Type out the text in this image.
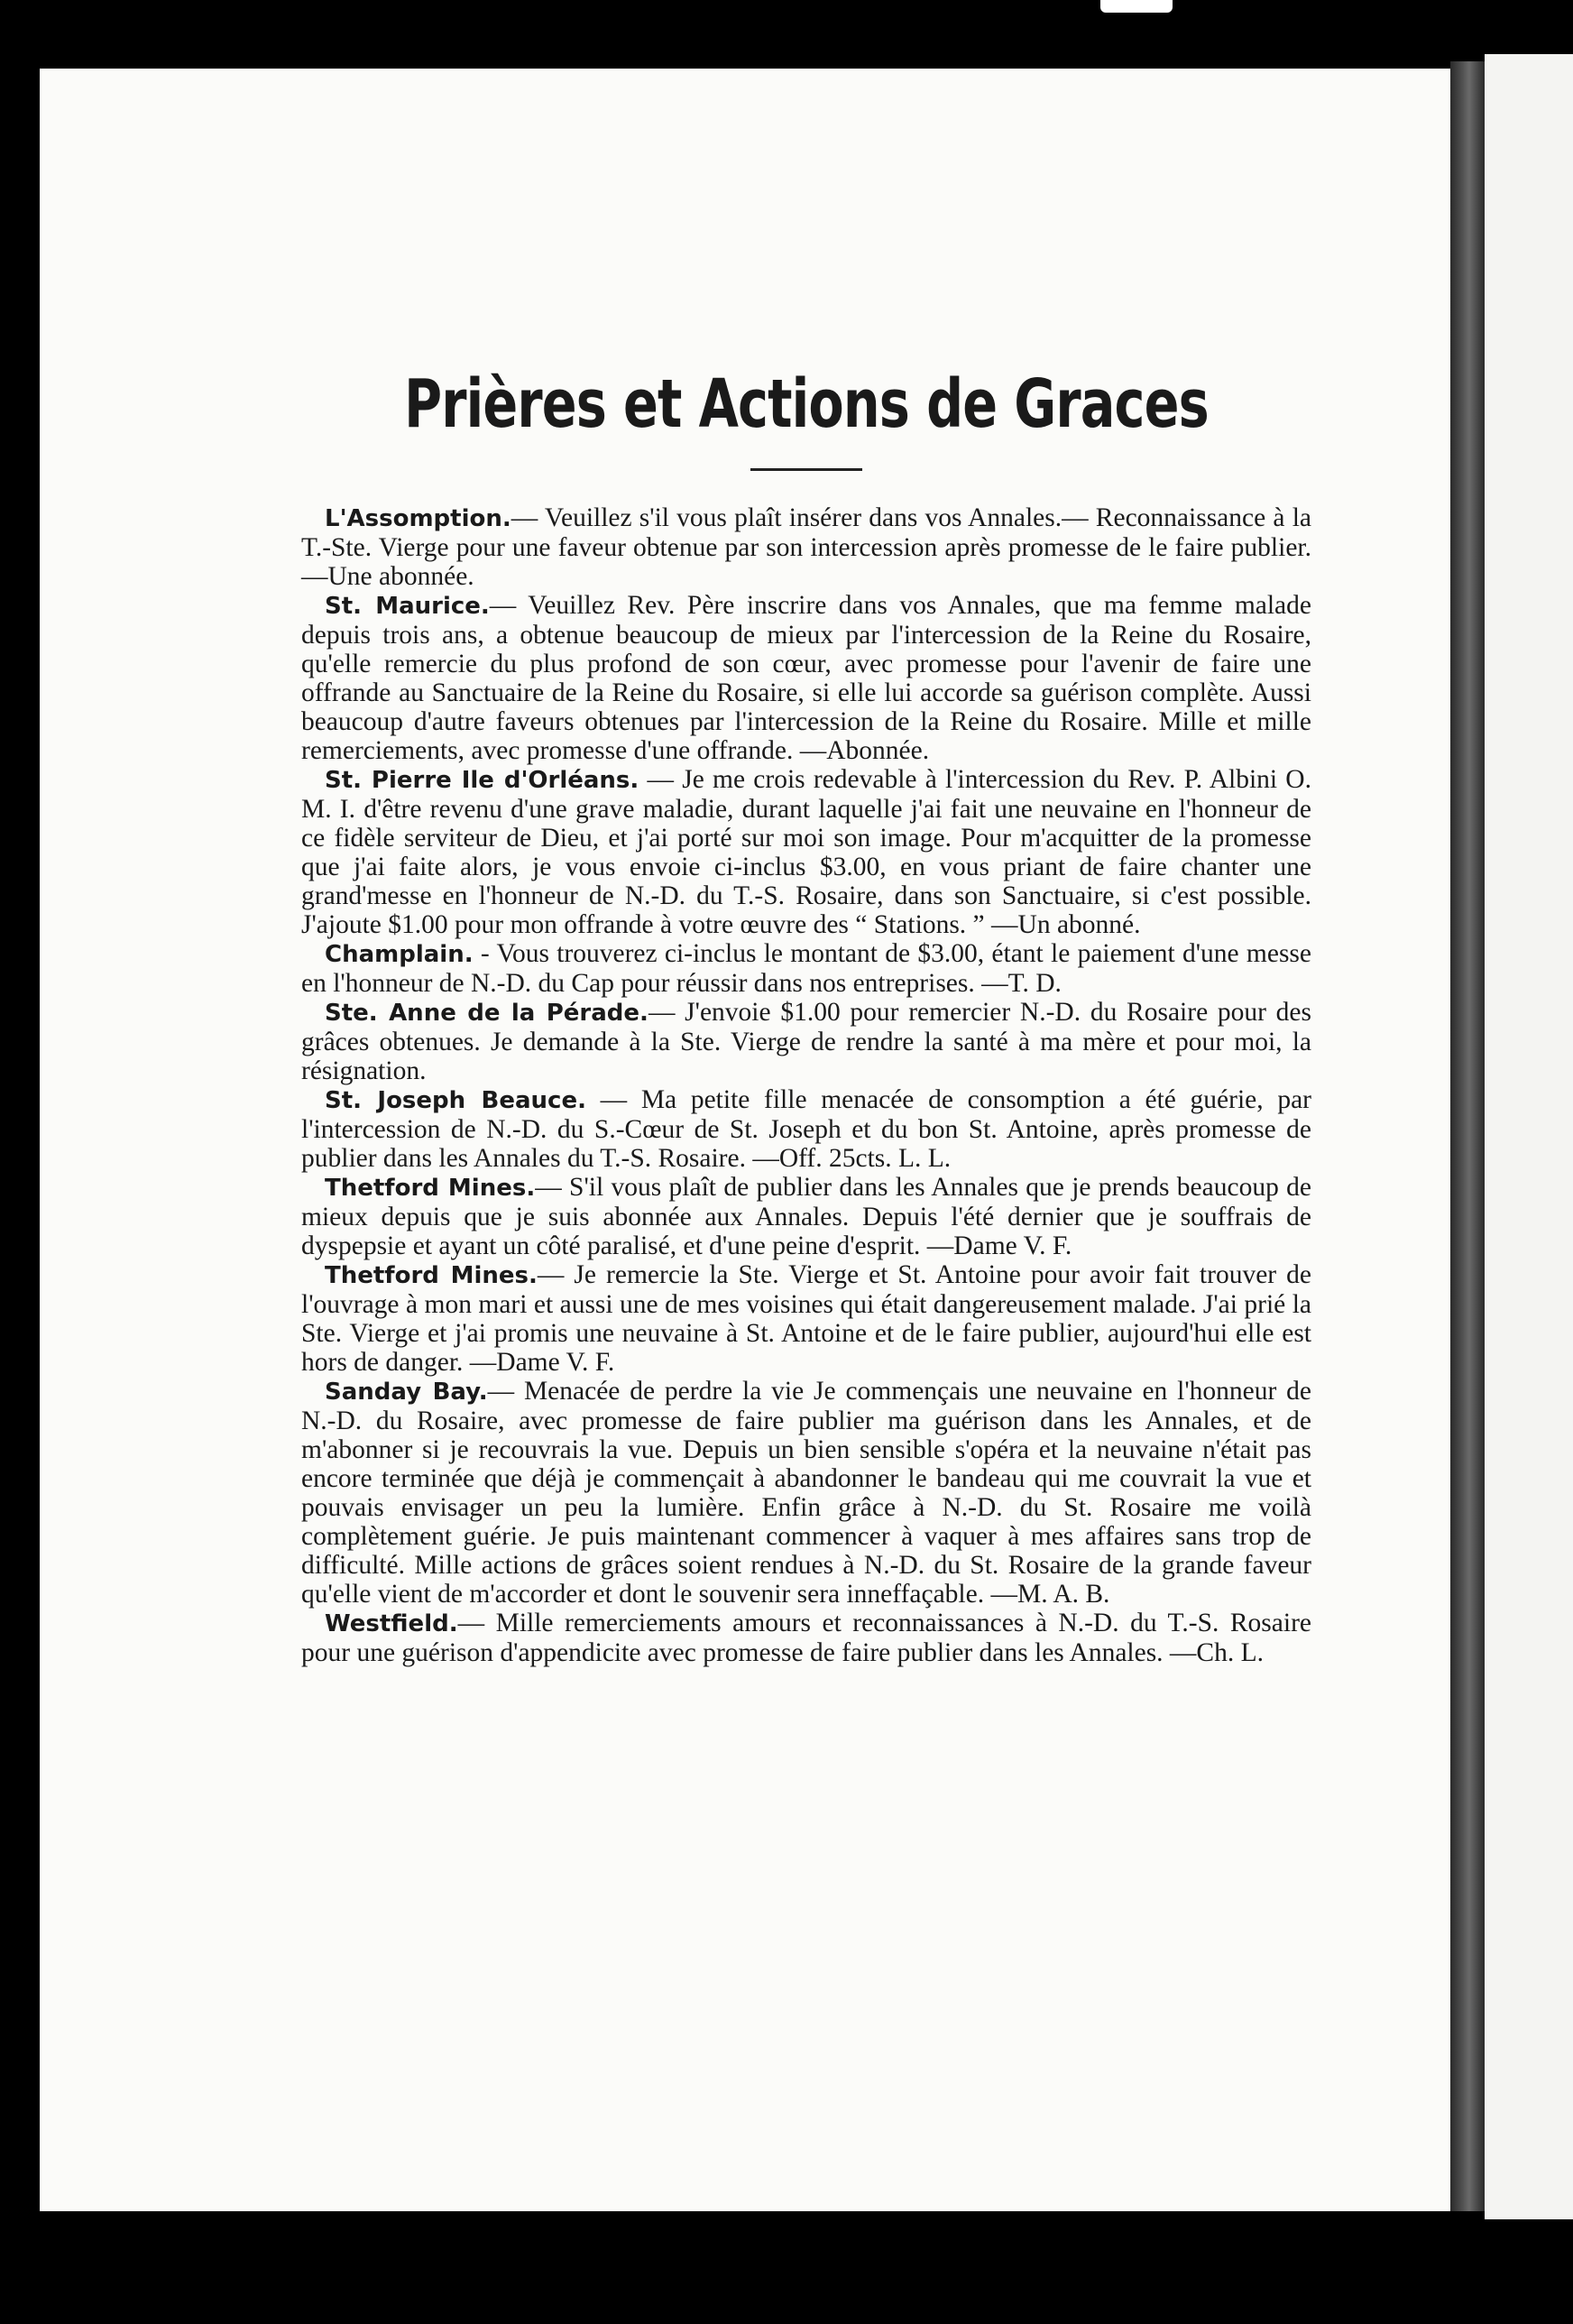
Prières et Actions de Graces

L'Assomption.— Veuillez s'il vous plaît insérer dans vos Annales.— Reconnaissance à la T.-Ste. Vierge pour une faveur obtenue par son intercession après promesse de le faire publier. —Une abonnée.

St. Maurice.— Veuillez Rev. Père inscrire dans vos Annales, que ma femme malade depuis trois ans, a obtenue beaucoup de mieux par l'intercession de la Reine du Rosaire, qu'elle remercie du plus profond de son cœur, avec promesse pour l'avenir de faire une offrande au Sanctuaire de la Reine du Rosaire, si elle lui accorde sa guérison complète. Aussi beaucoup d'autre faveurs obtenues par l'intercession de la Reine du Rosaire. Mille et mille remerciements, avec promesse d'une offrande. —Abonnée.

St. Pierre Ile d'Orléans. — Je me crois redevable à l'intercession du Rev. P. Albini O. M. I. d'être revenu d'une grave maladie, durant laquelle j'ai fait une neuvaine en l'honneur de ce fidèle serviteur de Dieu, et j'ai porté sur moi son image. Pour m'acquitter de la promesse que j'ai faite alors, je vous envoie ci-inclus $3.00, en vous priant de faire chanter une grand'messe en l'honneur de N.-D. du T.-S. Rosaire, dans son Sanctuaire, si c'est possible. J'ajoute $1.00 pour mon offrande à votre œuvre des “ Stations. ” —Un abonné.

Champlain. - Vous trouverez ci-inclus le montant de $3.00, étant le paiement d'une messe en l'honneur de N.-D. du Cap pour réussir dans nos entreprises. —T. D.

Ste. Anne de la Pérade.— J'envoie $1.00 pour remercier N.-D. du Rosaire pour des grâces obtenues. Je demande à la Ste. Vierge de rendre la santé à ma mère et pour moi, la résignation.

St. Joseph Beauce. — Ma petite fille menacée de consomption a été guérie, par l'intercession de N.-D. du S.-Cœur de St. Joseph et du bon St. Antoine, après promesse de publier dans les Annales du T.-S. Rosaire. —Off. 25cts. L. L.

Thetford Mines.— S'il vous plaît de publier dans les Annales que je prends beaucoup de mieux depuis que je suis abonnée aux Annales. Depuis l'été dernier que je souffrais de dyspepsie et ayant un côté paralisé, et d'une peine d'esprit. —Dame V. F.

Thetford Mines.— Je remercie la Ste. Vierge et St. Antoine pour avoir fait trouver de l'ouvrage à mon mari et aussi une de mes voisines qui était dangereusement malade. J'ai prié la Ste. Vierge et j'ai promis une neuvaine à St. Antoine et de le faire publier, aujourd'hui elle est hors de danger. —Dame V. F.

Sanday Bay.— Menacée de perdre la vie Je commençais une neuvaine en l'honneur de N.-D. du Rosaire, avec promesse de faire publier ma guérison dans les Annales, et de m'abonner si je recouvrais la vue. Depuis un bien sensible s'opéra et la neuvaine n'était pas encore terminée que déjà je commençait à abandonner le bandeau qui me couvrait la vue et pouvais envisager un peu la lumière. Enfin grâce à N.-D. du St. Rosaire me voilà complètement guérie. Je puis maintenant commencer à vaquer à mes affaires sans trop de difficulté. Mille actions de grâces soient rendues à N.-D. du St. Rosaire de la grande faveur qu'elle vient de m'accorder et dont le souvenir sera inneffaçable. —M. A. B.

Westfield.— Mille remerciements amours et reconnaissances à N.-D. du T.-S. Rosaire pour une guérison d'appendicite avec promesse de faire publier dans les Annales. —Ch. L.
